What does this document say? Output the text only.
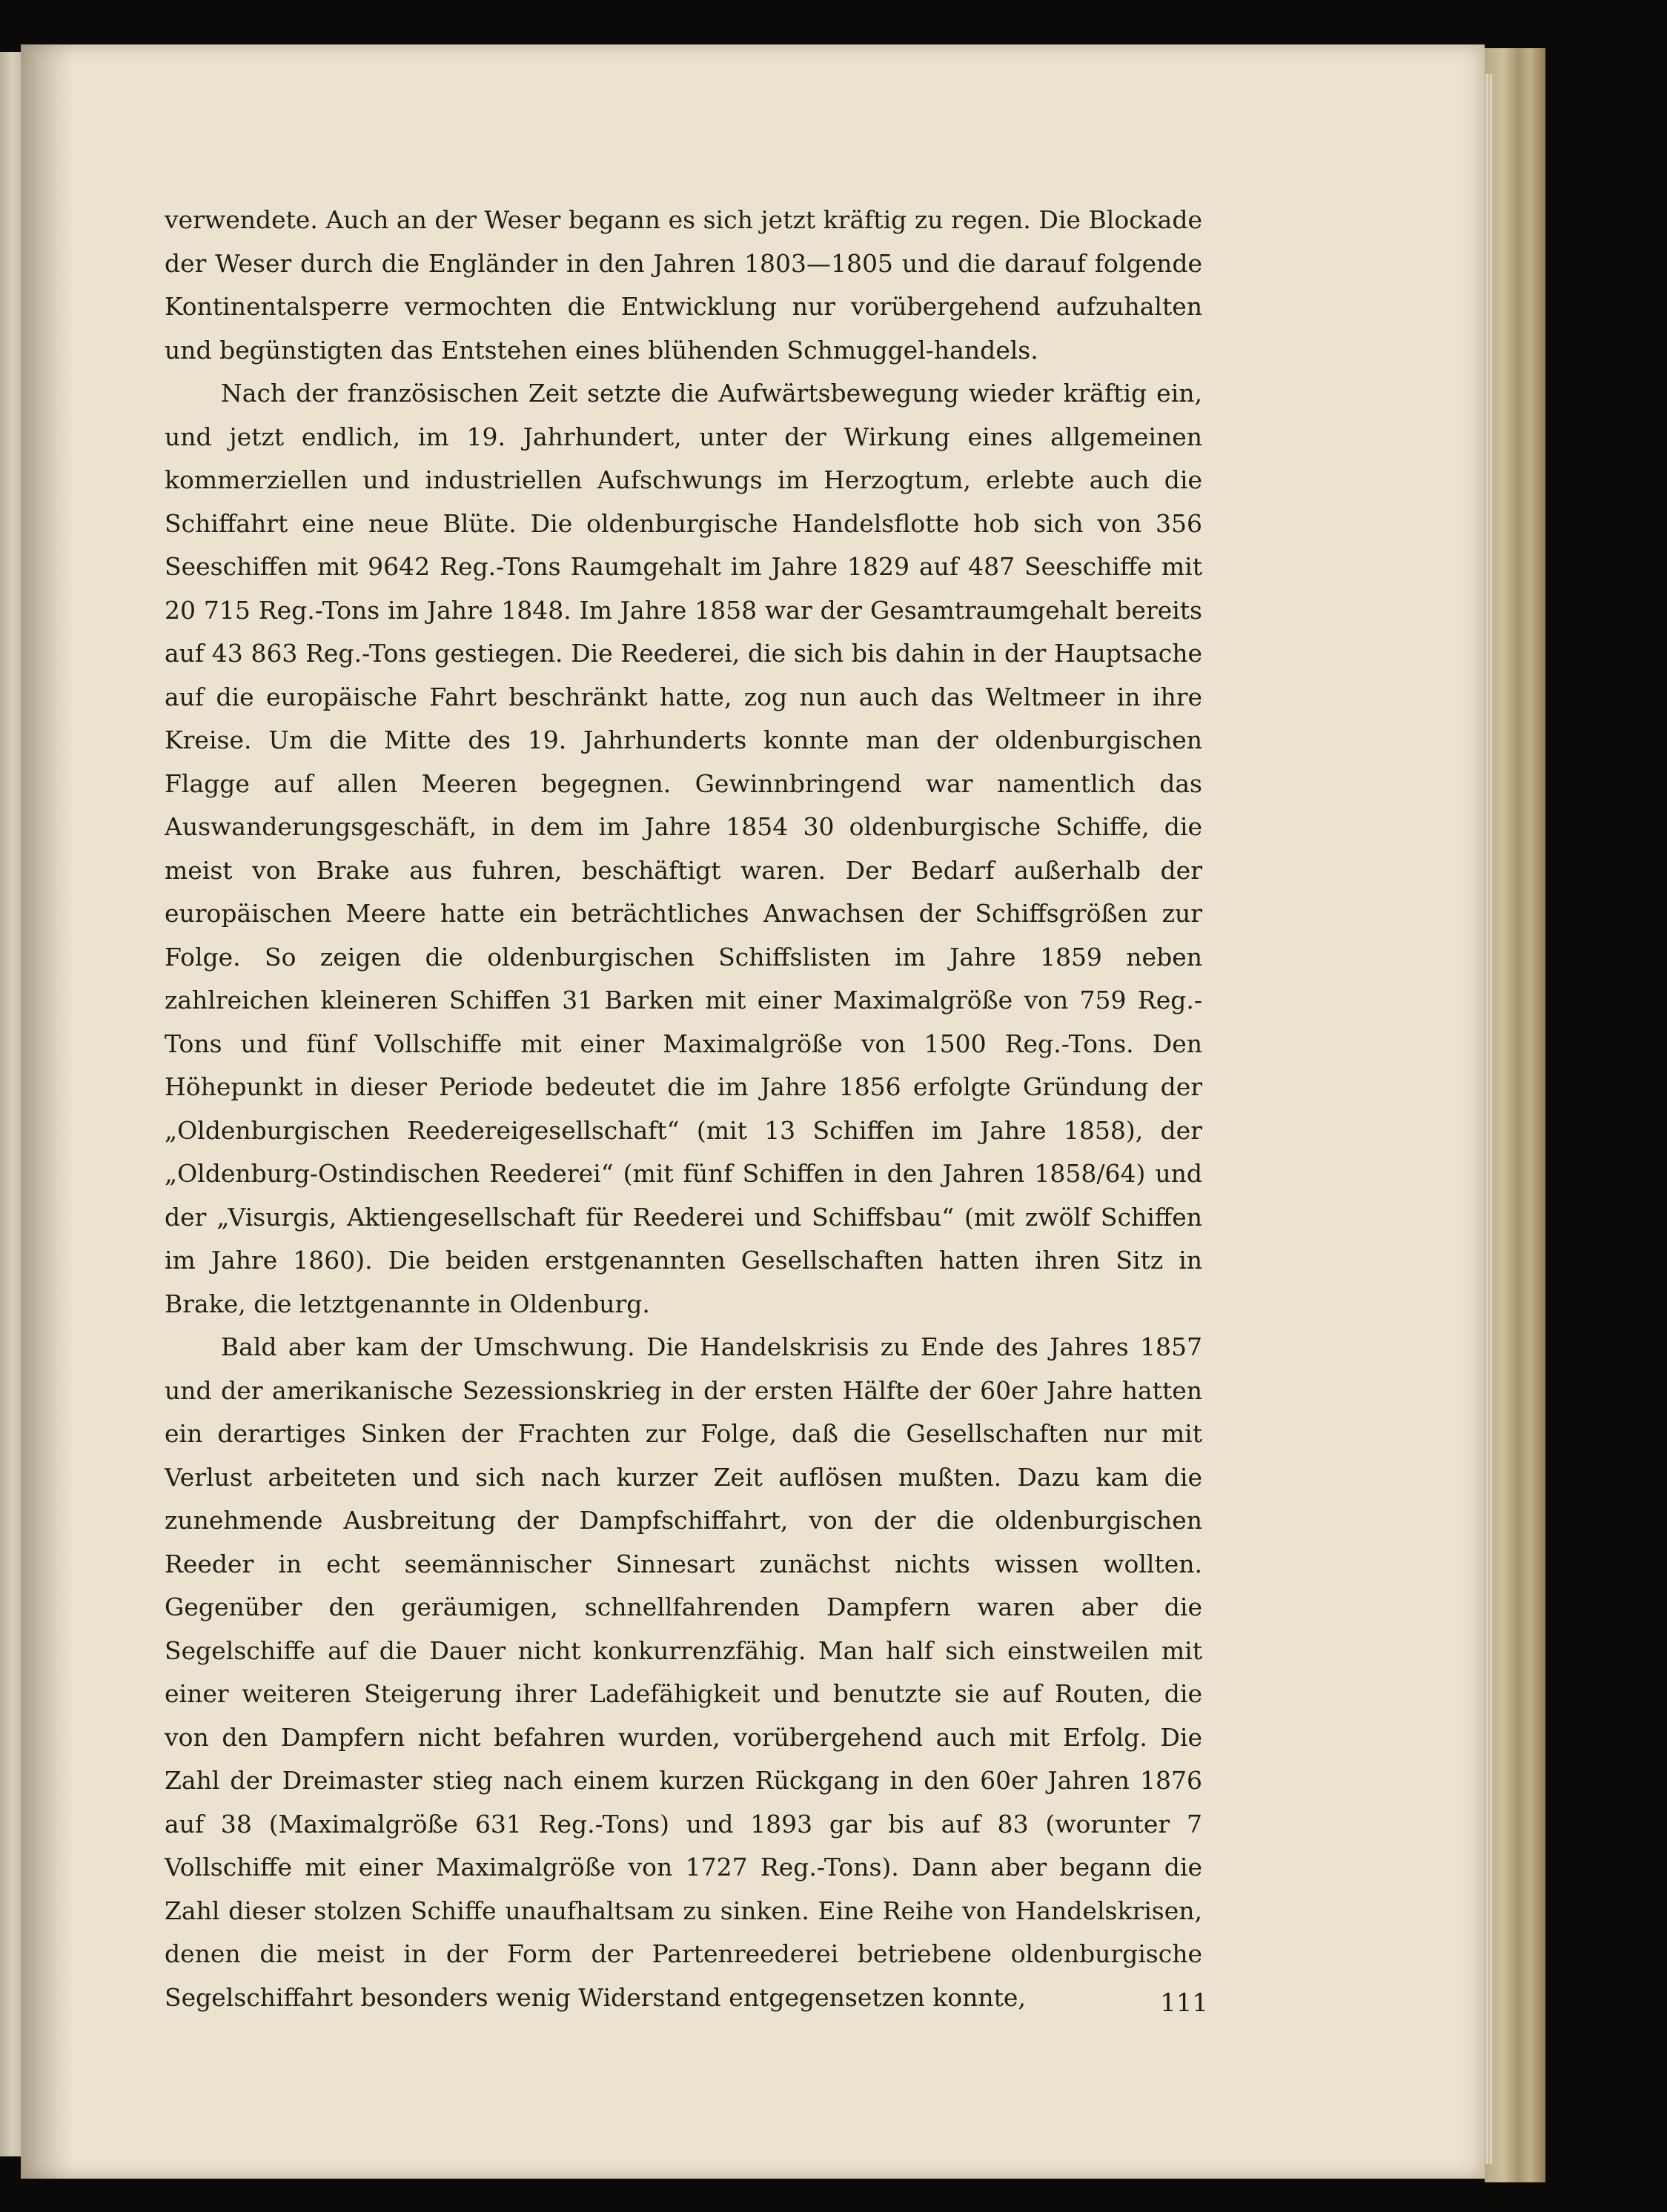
verwendete. Auch an der Weser begann es sich jetzt kräftig zu regen. Die Blockade der Weser durch die Engländer in den Jahren 1803—1805 und die darauf folgende Kontinentalsperre vermochten die Entwicklung nur vorübergehend aufzuhalten und begünstigten das Entstehen eines blühenden Schmuggel-handels.

Nach der französischen Zeit setzte die Aufwärtsbewegung wieder kräftig ein, und jetzt endlich, im 19. Jahrhundert, unter der Wirkung eines allgemeinen kommerziellen und industriellen Aufschwungs im Herzogtum, erlebte auch die Schiffahrt eine neue Blüte. Die oldenburgische Handelsflotte hob sich von 356 Seeschiffen mit 9642 Reg.-Tons Raumgehalt im Jahre 1829 auf 487 Seeschiffe mit 20 715 Reg.-Tons im Jahre 1848. Im Jahre 1858 war der Gesamtraumgehalt bereits auf 43 863 Reg.-Tons gestiegen. Die Reederei, die sich bis dahin in der Hauptsache auf die europäische Fahrt beschränkt hatte, zog nun auch das Weltmeer in ihre Kreise. Um die Mitte des 19. Jahrhunderts konnte man der oldenburgischen Flagge auf allen Meeren begegnen. Gewinnbringend war namentlich das Auswanderungsgeschäft, in dem im Jahre 1854 30 oldenburgische Schiffe, die meist von Brake aus fuhren, beschäftigt waren. Der Bedarf außerhalb der europäischen Meere hatte ein beträchtliches Anwachsen der Schiffsgrößen zur Folge. So zeigen die oldenburgischen Schiffslisten im Jahre 1859 neben zahlreichen kleineren Schiffen 31 Barken mit einer Maximalgröße von 759 Reg.-Tons und fünf Vollschiffe mit einer Maximalgröße von 1500 Reg.-Tons. Den Höhepunkt in dieser Periode bedeutet die im Jahre 1856 erfolgte Gründung der „Oldenburgischen Reedereigesellschaft“ (mit 13 Schiffen im Jahre 1858), der „Oldenburg-Ostindischen Reederei“ (mit fünf Schiffen in den Jahren 1858/64) und der „Visurgis, Aktiengesellschaft für Reederei und Schiffsbau“ (mit zwölf Schiffen im Jahre 1860). Die beiden erstgenannten Gesellschaften hatten ihren Sitz in Brake, die letztgenannte in Oldenburg.

Bald aber kam der Umschwung. Die Handelskrisis zu Ende des Jahres 1857 und der amerikanische Sezessionskrieg in der ersten Hälfte der 60er Jahre hatten ein derartiges Sinken der Frachten zur Folge, daß die Gesellschaften nur mit Verlust arbeiteten und sich nach kurzer Zeit auflösen mußten. Dazu kam die zunehmende Ausbreitung der Dampfschiffahrt, von der die oldenburgischen Reeder in echt seemännischer Sinnesart zunächst nichts wissen wollten. Gegenüber den geräumigen, schnellfahrenden Dampfern waren aber die Segelschiffe auf die Dauer nicht konkurrenzfähig. Man half sich einstweilen mit einer weiteren Steigerung ihrer Ladefähigkeit und benutzte sie auf Routen, die von den Dampfern nicht befahren wurden, vorübergehend auch mit Erfolg. Die Zahl der Dreimaster stieg nach einem kurzen Rückgang in den 60er Jahren 1876 auf 38 (Maximalgröße 631 Reg.-Tons) und 1893 gar bis auf 83 (worunter 7 Vollschiffe mit einer Maximalgröße von 1727 Reg.-Tons). Dann aber begann die Zahl dieser stolzen Schiffe unaufhaltsam zu sinken. Eine Reihe von Handelskrisen, denen die meist in der Form der Partenreederei betriebene oldenburgische Segelschiffahrt besonders wenig Widerstand entgegensetzen konnte,	111
